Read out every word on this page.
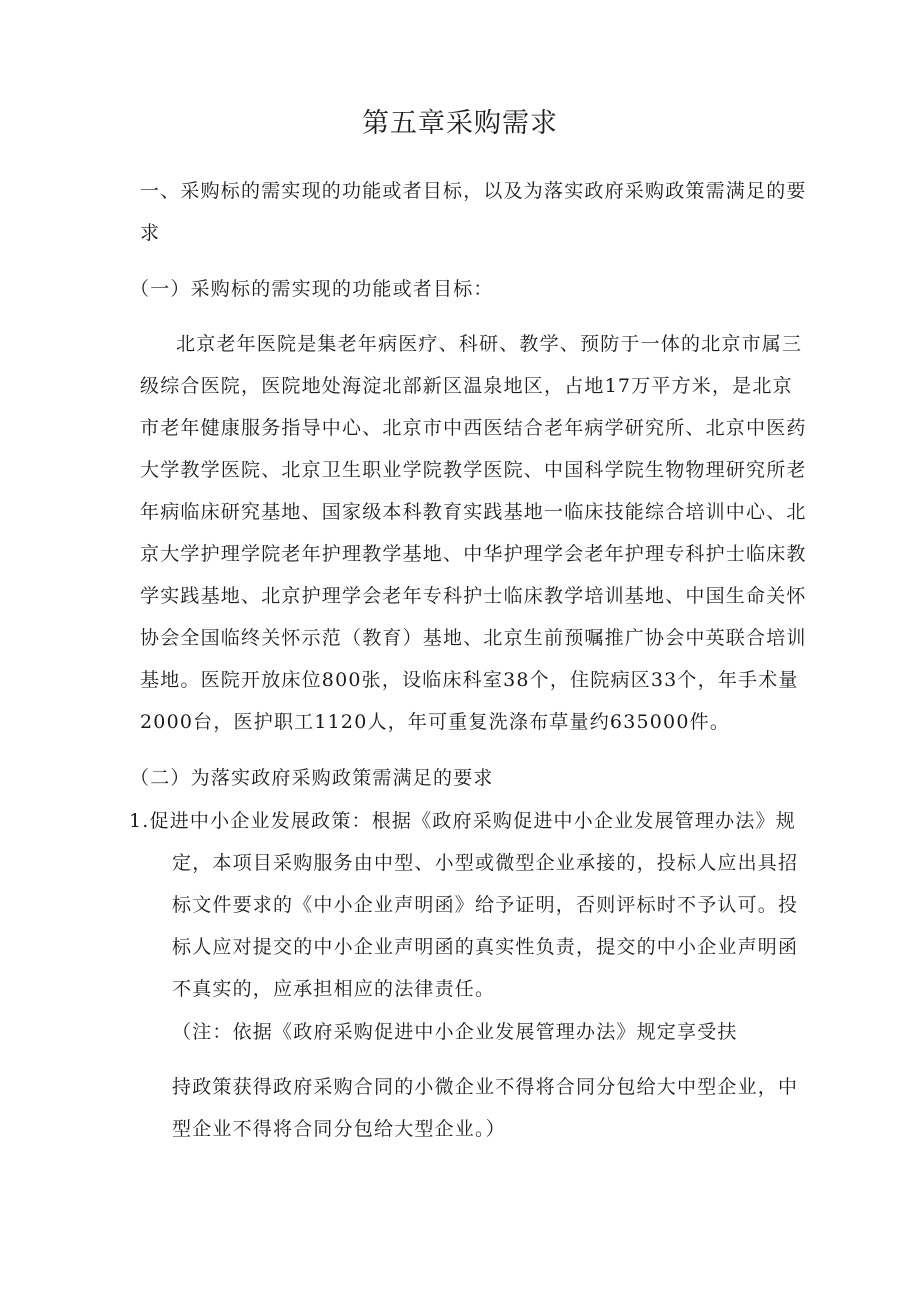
第五章采购需求
一、采购标的需实现的功能或者目标，以及为落实政府采购政策需满足的要
求
（一）采购标的需实现的功能或者目标：
北京老年医院是集老年病医疗、科研、教学、预防于一体的北京市属三
级综合医院，医院地处海淀北部新区温泉地区，占地17万平方米，是北京
市老年健康服务指导中心、北京市中西医结合老年病学研究所、北京中医药
大学教学医院、北京卫生职业学院教学医院、中国科学院生物物理研究所老
年病临床研究基地、国家级本科教育实践基地一临床技能综合培训中心、北
京大学护理学院老年护理教学基地、中华护理学会老年护理专科护士临床教
学实践基地、北京护理学会老年专科护士临床教学培训基地、中国生命关怀
协会全国临终关怀示范（教育）基地、北京生前预嘱推广协会中英联合培训
基地。医院开放床位800张，设临床科室38个，住院病区33个，年手术量
2000台，医护职工1120人，年可重复洗涤布草量约635000件。
（二）为落实政府采购政策需满足的要求
1.促进中小企业发展政策：根据《政府采购促进中小企业发展管理办法》规
定，本项目采购服务由中型、小型或微型企业承接的，投标人应出具招
标文件要求的《中小企业声明函》给予证明，否则评标时不予认可。投
标人应对提交的中小企业声明函的真实性负责，提交的中小企业声明函
不真实的，应承担相应的法律责任。
（注：依据《政府采购促进中小企业发展管理办法》规定享受扶
持政策获得政府采购合同的小微企业不得将合同分包给大中型企业，中
型企业不得将合同分包给大型企业。）
